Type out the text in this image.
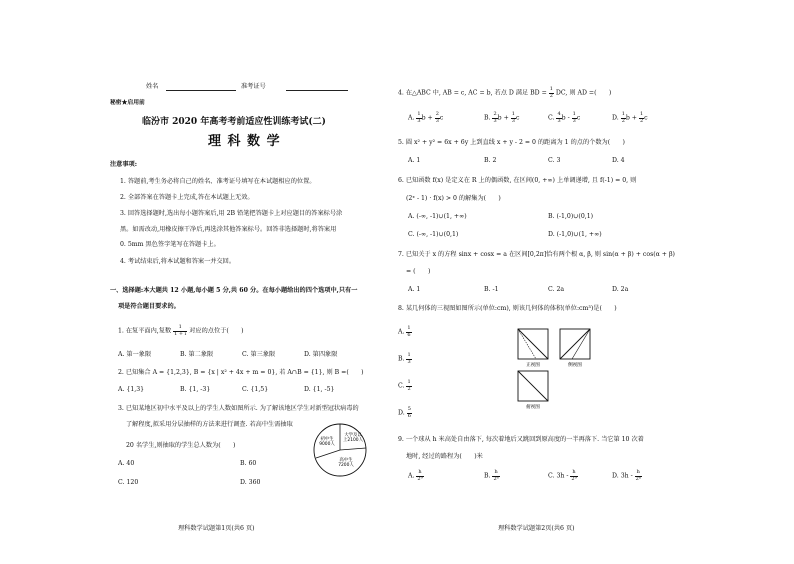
姓名	准考证号
秘密★启用前
临汾市 2020 年高考考前适应性训练考试(二)
理 科 数 学
注意事项:
1. 答题前,考生务必将自己的姓名、准考证号填写在本试题相应的位置。
2. 全部答案在答题卡上完成,答在本试题上无效。
3. 回答选择题时,选出每小题答案后,用 2B 铅笔把答题卡上对应题目的答案标号涂
黑。如需改动,用橡皮擦干净后,再选涂其他答案标号。回答非选择题时,将答案用
0. 5mm 黑色签字笔写在答题卡上。
4. 考试结束后,将本试题和答案一并交回。
一、选择题:本大题共 12 小题,每小题 5 分,共 60 分。在每小题给出的四个选项中,只有一
项是符合题目要求的。
1. 在复平面内,复数 $\frac{1}{1 + i}$ 对应的点位于(　　)
A. 第一象限	B. 第二象限	C. 第三象限	D. 第四象限
2. 已知集合 A = {1,2,3}, B = {x | x² + 4x + m = 0}, 若 A∩B = {1}, 则 B =(　　)
A. {1,3}	B. {1, -3}	C. {1,5}	D. {1, -5}
3. 已知某地区初中水平及以上的学生人数如图所示. 为了解该地区学生对新型冠状病毒的
了解程度,拟采用分层抽样的方法来进行调查. 若高中生需抽取
20 名学生,则抽取的学生总人数为(　　)
A. 40	B. 60
C. 120	D. 360
初中生
9000人
大学及以
上2100人
高中生
7200人
理科数学试题第1页(共6 页)
4. 在△ABC 中, AB = c, AC = b, 若点 D 满足 BD = $\frac{1}{2}$ DC, 则 AD =(　　)
A. $\frac{1}{3}$ $b + \frac{2}{3}$ c	B. $\frac{2}{3}$ $b + \frac{1}{3}$ c	C. $\frac{4}{3}$ b - $\frac{1}{3}$ c	D. $\frac{1}{2}$ $b + \frac{1}{2}$ c
5. 圆 x² + y² = 6x + 6y 上到直线 x + y - 2 = 0 的距离为 1 的点的个数为(　　)
A. 1	B. 2	C. 3	D. 4
6. 已知函数 f(x) 是定义在 R 上的偶函数, 在区间(0, +∞) 上单调递增, 且 f(-1) = 0, 则
(2ˣ - 1) · f(x) > 0 的解集为(　　)
A. (-∞, -1)∪(1, +∞)	B. (-1,0)∪(0,1)
C. (-∞, -1)∪(0,1)	D. (-1,0)∪(1, +∞)
7. 已知关于 x 的方程 sinx + cosx = a 在区间[0,2π]恰有两个根 α, β, 则 sin(α + β) + cos(α + β)
= (　　)
A. 1	B. -1	C. 2a	D. 2a
8. 某几何体的三视图如图所示(单位:cm), 则该几何体的体积(单位:cm³)是(　　)
A. $\frac{1}{6}$
B. $\frac{1}{3}$
C. $\frac{1}{2}$
D. $\frac{5}{6}$
正视图	侧视图
俯视图
9. 一个球从 h 米高处自由落下, 每次着地后又跳回到原高度的一半再落下. 当它第 10 次着
地时, 经过的路程为(　　)米
A. $\frac{h}{\text{2⁹}}$	B. $\frac{h}{\text{2⁸}}$	C. $3h - \frac{h}{\text{2⁹}}$	D. $3h - \frac{h}{\text{2⁸}}$
理科数学试题第2页(共6 页)
